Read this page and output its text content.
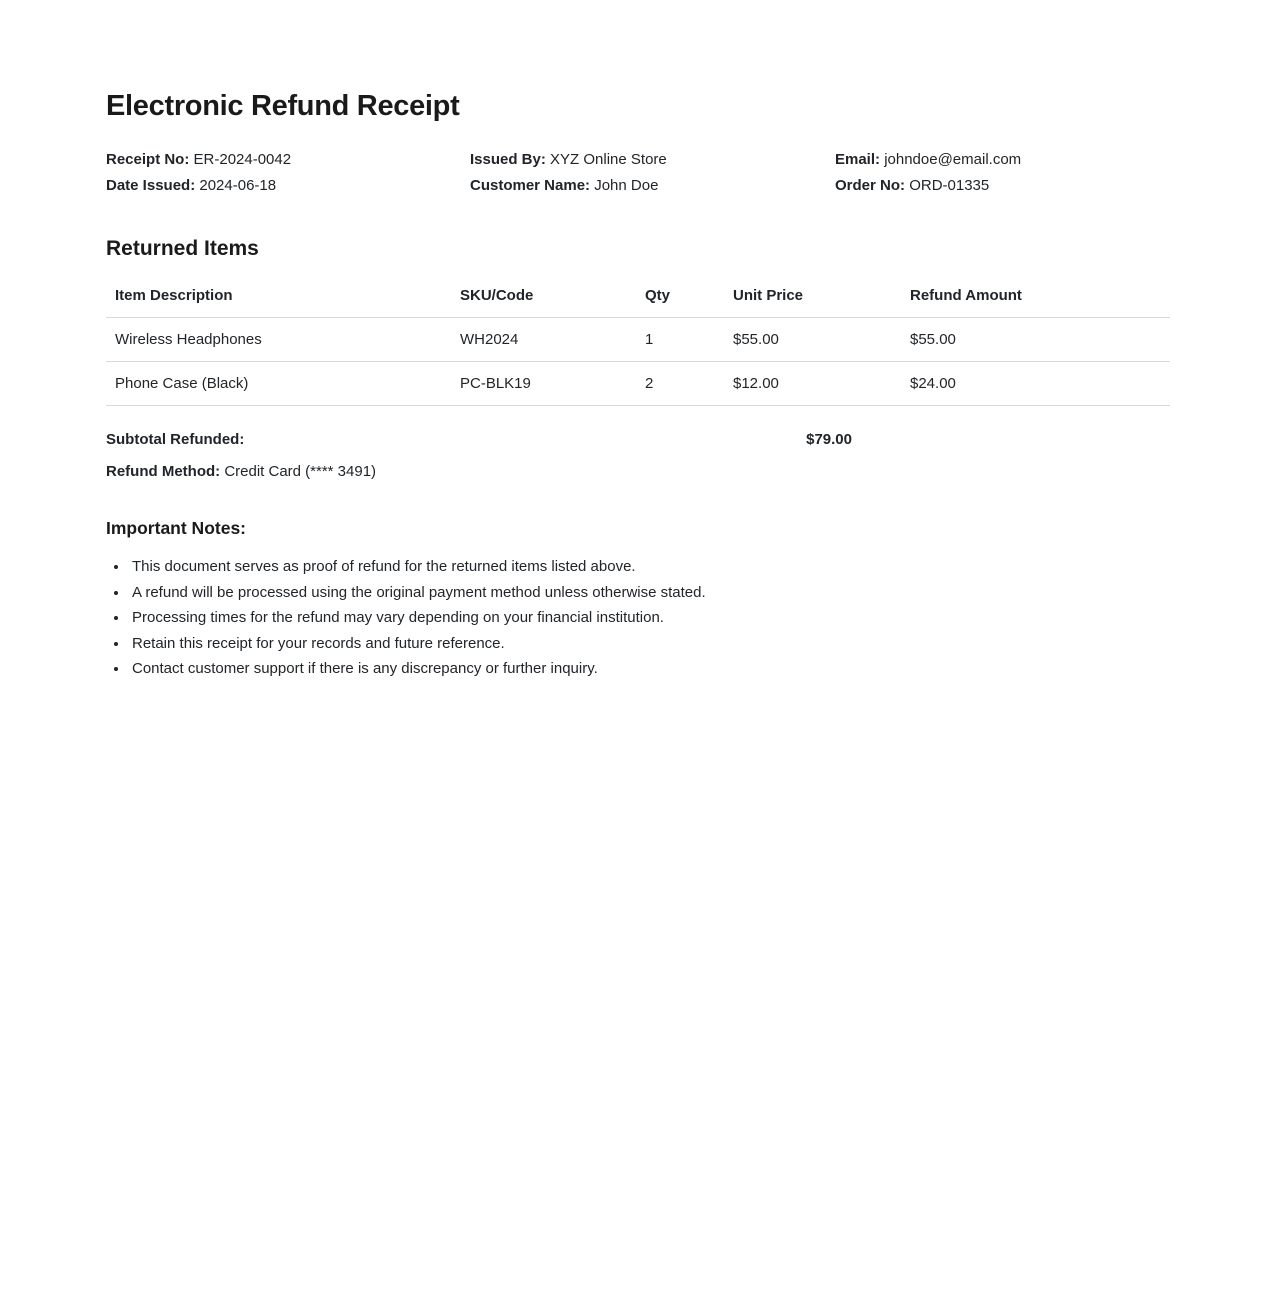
Electronic Refund Receipt
Receipt No: ER-2024-0042	Issued By: XYZ Online Store	Email: johndoe@email.com
Date Issued: 2024-06-18	Customer Name: John Doe	Order No: ORD-01335
Returned Items
Item Description	SKU/Code	Qty	Unit Price	Refund Amount
Wireless Headphones	WH2024	1	$55.00	$55.00
Phone Case (Black)	PC-BLK19	2	$12.00	$24.00
Subtotal Refunded:	$79.00
Refund Method: Credit Card (**** 3491)
Important Notes:
• This document serves as proof of refund for the returned items listed above.
• A refund will be processed using the original payment method unless otherwise stated.
• Processing times for the refund may vary depending on your financial institution.
• Retain this receipt for your records and future reference.
• Contact customer support if there is any discrepancy or further inquiry.
